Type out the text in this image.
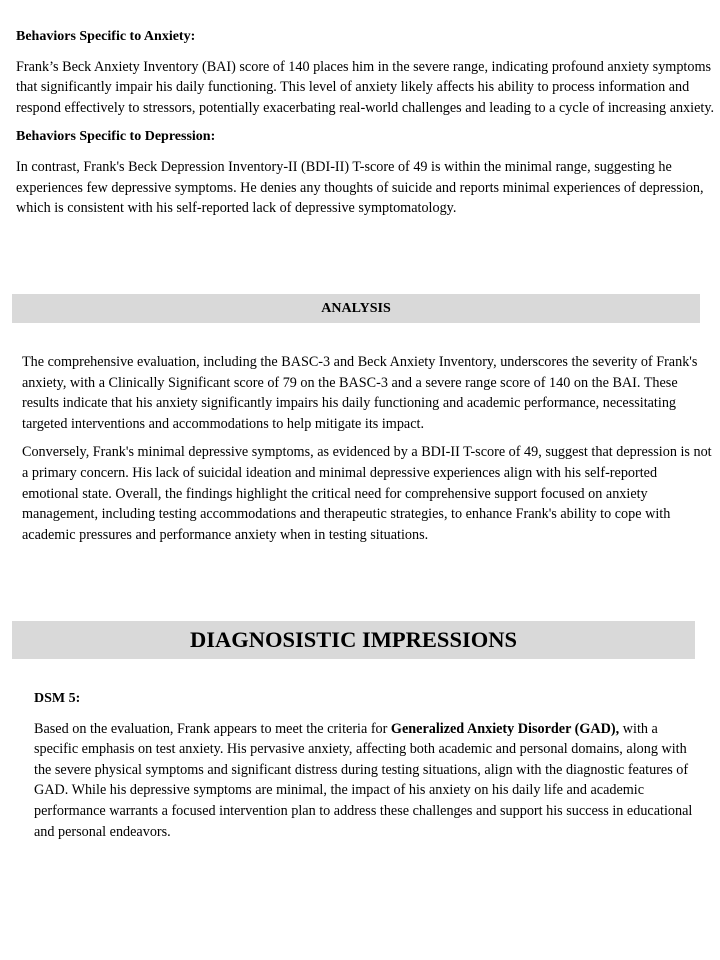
Behaviors Specific to Anxiety:

Frank’s Beck Anxiety Inventory (BAI) score of 140 places him in the severe range, indicating profound anxiety symptoms that significantly impair his daily functioning. This level of anxiety likely affects his ability to process information and respond effectively to stressors, potentially exacerbating real-world challenges and leading to a cycle of increasing anxiety.

Behaviors Specific to Depression:

In contrast, Frank's Beck Depression Inventory-II (BDI-II) T-score of 49 is within the minimal range, suggesting he experiences few depressive symptoms. He denies any thoughts of suicide and reports minimal experiences of depression, which is consistent with his self-reported lack of depressive symptomatology.

ANALYSIS

The comprehensive evaluation, including the BASC-3 and Beck Anxiety Inventory, underscores the severity of Frank's anxiety, with a Clinically Significant score of 79 on the BASC-3 and a severe range score of 140 on the BAI. These results indicate that his anxiety significantly impairs his daily functioning and academic performance, necessitating targeted interventions and accommodations to help mitigate its impact.

Conversely, Frank's minimal depressive symptoms, as evidenced by a BDI-II T-score of 49, suggest that depression is not a primary concern. His lack of suicidal ideation and minimal depressive experiences align with his self-reported emotional state. Overall, the findings highlight the critical need for comprehensive support focused on anxiety management, including testing accommodations and therapeutic strategies, to enhance Frank's ability to cope with academic pressures and performance anxiety when in testing situations.

DIAGNOSISTIC IMPRESSIONS

DSM 5:

Based on the evaluation, Frank appears to meet the criteria for Generalized Anxiety Disorder (GAD), with a specific emphasis on test anxiety. His pervasive anxiety, affecting both academic and personal domains, along with the severe physical symptoms and significant distress during testing situations, align with the diagnostic features of GAD. While his depressive symptoms are minimal, the impact of his anxiety on his daily life and academic performance warrants a focused intervention plan to address these challenges and support his success in educational and personal endeavors.
